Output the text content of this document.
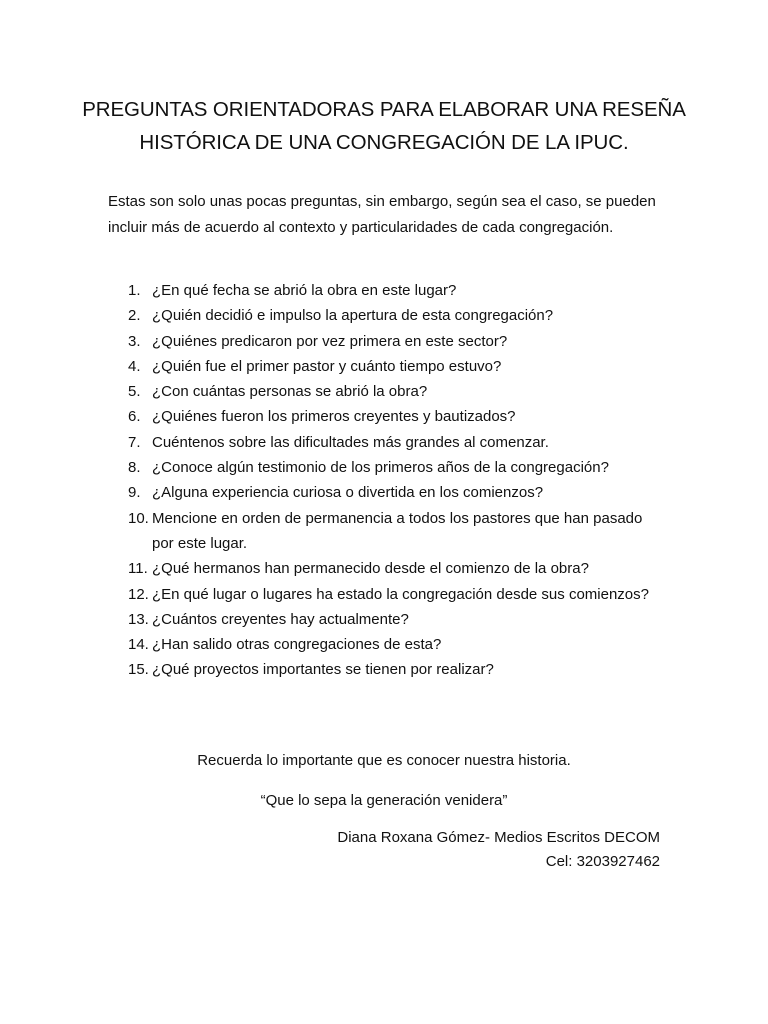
PREGUNTAS ORIENTADORAS PARA ELABORAR UNA RESEÑA
HISTÓRICA DE UNA CONGREGACIÓN DE LA IPUC.

Estas son solo unas pocas preguntas, sin embargo, según sea el caso, se pueden incluir más de acuerdo al contexto y particularidades de cada congregación.

1. ¿En qué fecha se abrió la obra en este lugar?
2. ¿Quién decidió e impulso la apertura de esta congregación?
3. ¿Quiénes predicaron por vez primera en este sector?
4. ¿Quién fue el primer pastor y cuánto tiempo estuvo?
5. ¿Con cuántas personas se abrió la obra?
6. ¿Quiénes fueron los primeros creyentes y bautizados?
7. Cuéntenos sobre las dificultades más grandes al comenzar.
8. ¿Conoce algún testimonio de los primeros años de la congregación?
9. ¿Alguna experiencia curiosa o divertida en los comienzos?
10. Mencione en orden de permanencia a todos los pastores que han pasado por este lugar.
11. ¿Qué hermanos han permanecido desde el comienzo de la obra?
12. ¿En qué lugar o lugares ha estado la congregación desde sus comienzos?
13. ¿Cuántos creyentes hay actualmente?
14. ¿Han salido otras congregaciones de esta?
15. ¿Qué proyectos importantes se tienen por realizar?
Recuerda lo importante que es conocer nuestra historia.
“Que lo sepa la generación venidera”
Diana Roxana Gómez- Medios Escritos DECOM
Cel: 3203927462
